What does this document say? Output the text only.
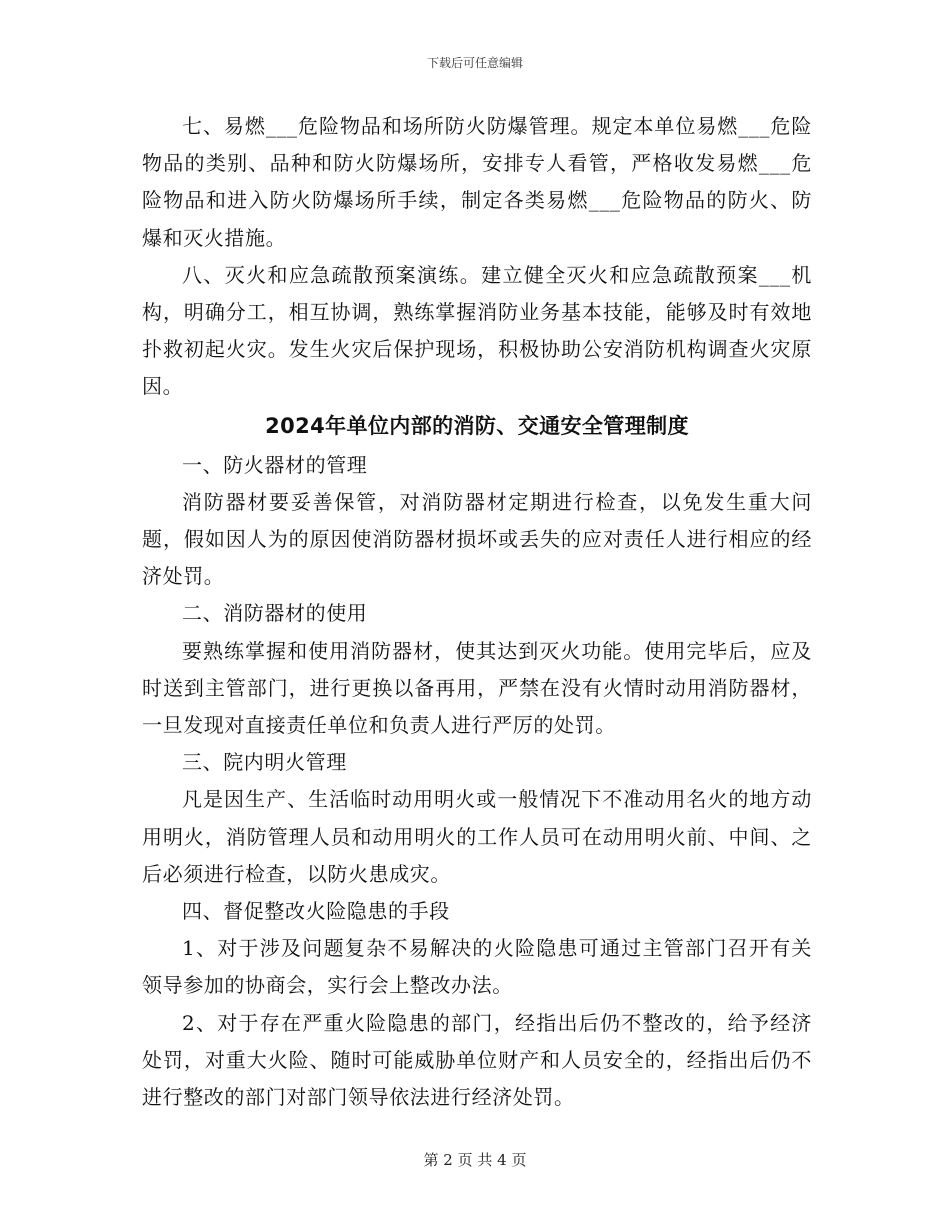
下载后可任意编辑

七、易燃___危险物品和场所防火防爆管理。规定本单位易燃___危险物品的类别、品种和防火防爆场所，安排专人看管，严格收发易燃___危险物品和进入防火防爆场所手续，制定各类易燃___危险物品的防火、防爆和灭火措施。

八、灭火和应急疏散预案演练。建立健全灭火和应急疏散预案___机构，明确分工，相互协调，熟练掌握消防业务基本技能，能够及时有效地扑救初起火灾。发生火灾后保护现场，积极协助公安消防机构调查火灾原因。

2024年单位内部的消防、交通安全管理制度

一、防火器材的管理

消防器材要妥善保管，对消防器材定期进行检查，以免发生重大问题，假如因人为的原因使消防器材损坏或丢失的应对责任人进行相应的经济处罚。

二、消防器材的使用

要熟练掌握和使用消防器材，使其达到灭火功能。使用完毕后，应及时送到主管部门，进行更换以备再用，严禁在没有火情时动用消防器材，一旦发现对直接责任单位和负责人进行严厉的处罚。

三、院内明火管理

凡是因生产、生活临时动用明火或一般情况下不准动用名火的地方动用明火，消防管理人员和动用明火的工作人员可在动用明火前、中间、之后必须进行检查，以防火患成灾。

四、督促整改火险隐患的手段

1、对于涉及问题复杂不易解决的火险隐患可通过主管部门召开有关领导参加的协商会，实行会上整改办法。

2、对于存在严重火险隐患的部门，经指出后仍不整改的，给予经济处罚，对重大火险、随时可能威胁单位财产和人员安全的，经指出后仍不进行整改的部门对部门领导依法进行经济处罚。

第 2 页 共 4 页
